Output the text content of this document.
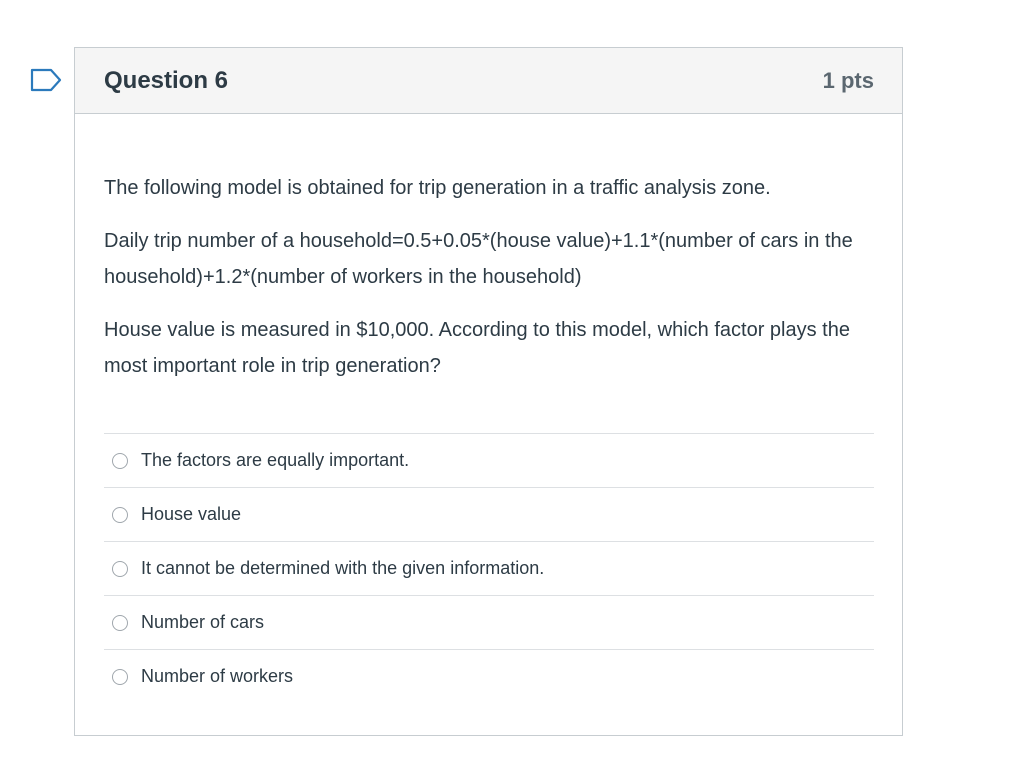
Question 6	1 pts

The following model is obtained for trip generation in a traffic analysis zone.

Daily trip number of a household=0.5+0.05*(house value)+1.1*(number of cars in the household)+1.2*(number of workers in the household)

House value is measured in $10,000. According to this model, which factor plays the most important role in trip generation?

The factors are equally important.
House value
It cannot be determined with the given information.
Number of cars
Number of workers
